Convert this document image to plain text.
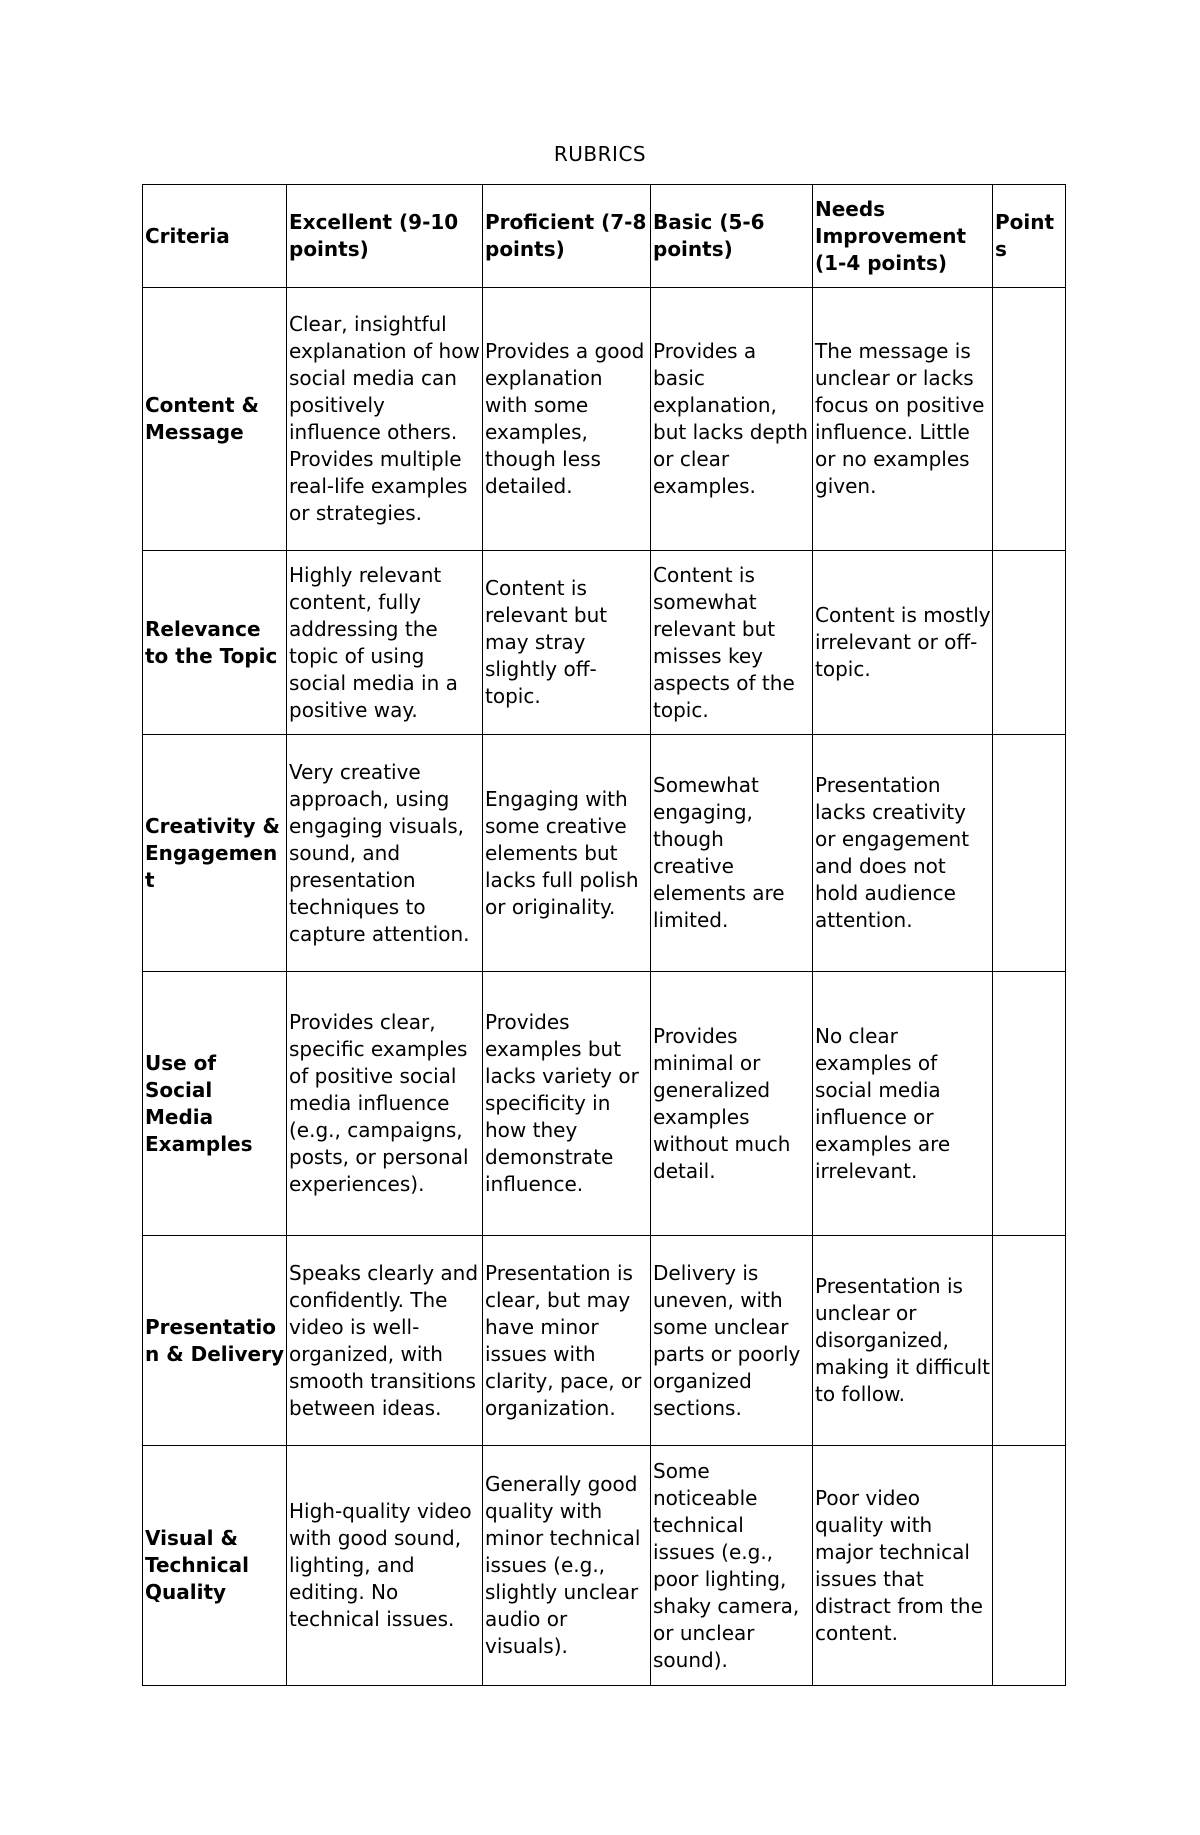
RUBRICS
Criteria	Excellent (9-10 points)	Proficient (7-8 points)	Basic (5-6 points)	Needs Improvement (1-4 points)	Points
Content & Message	Clear, insightful explanation of how social media can positively influence others. Provides multiple real-life examples or strategies.	Provides a good explanation with some examples, though less detailed.	Provides a basic explanation, but lacks depth or clear examples.	The message is unclear or lacks focus on positive influence. Little or no examples given.	
Relevance to the Topic	Highly relevant content, fully addressing the topic of using social media in a positive way.	Content is relevant but may stray slightly off-topic.	Content is somewhat relevant but misses key aspects of the topic.	Content is mostly irrelevant or off-topic.	
Creativity & Engagement	Very creative approach, using engaging visuals, sound, and presentation techniques to capture attention.	Engaging with some creative elements but lacks full polish or originality.	Somewhat engaging, though creative elements are limited.	Presentation lacks creativity or engagement and does not hold audience attention.	
Use of Social Media Examples	Provides clear, specific examples of positive social media influence (e.g., campaigns, posts, or personal experiences).	Provides examples but lacks variety or specificity in how they demonstrate influence.	Provides minimal or generalized examples without much detail.	No clear examples of social media influence or examples are irrelevant.	
Presentation & Delivery	Speaks clearly and confidently. The video is well-organized, with smooth transitions between ideas.	Presentation is clear, but may have minor issues with clarity, pace, or organization.	Delivery is uneven, with some unclear parts or poorly organized sections.	Presentation is unclear or disorganized, making it difficult to follow.	
Visual & Technical Quality	High-quality video with good sound, lighting, and editing. No technical issues.	Generally good quality with minor technical issues (e.g., slightly unclear audio or visuals).	Some noticeable technical issues (e.g., poor lighting, shaky camera, or unclear sound).	Poor video quality with major technical issues that distract from the content.	
